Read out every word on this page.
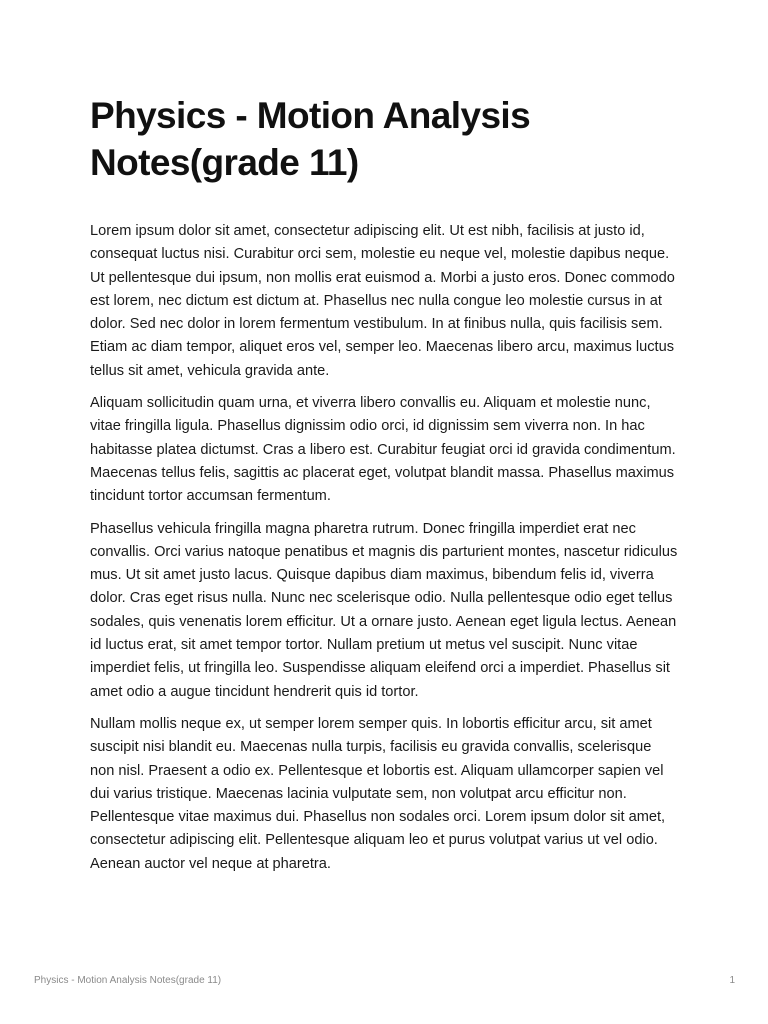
Physics - Motion Analysis Notes(grade 11)

Lorem ipsum dolor sit amet, consectetur adipiscing elit. Ut est nibh, facilisis at justo id, consequat luctus nisi. Curabitur orci sem, molestie eu neque vel, molestie dapibus neque. Ut pellentesque dui ipsum, non mollis erat euismod a. Morbi a justo eros. Donec commodo est lorem, nec dictum est dictum at. Phasellus nec nulla congue leo molestie cursus in at dolor. Sed nec dolor in lorem fermentum vestibulum. In at finibus nulla, quis facilisis sem. Etiam ac diam tempor, aliquet eros vel, semper leo. Maecenas libero arcu, maximus luctus tellus sit amet, vehicula gravida ante.

Aliquam sollicitudin quam urna, et viverra libero convallis eu. Aliquam et molestie nunc, vitae fringilla ligula. Phasellus dignissim odio orci, id dignissim sem viverra non. In hac habitasse platea dictumst. Cras a libero est. Curabitur feugiat orci id gravida condimentum. Maecenas tellus felis, sagittis ac placerat eget, volutpat blandit massa. Phasellus maximus tincidunt tortor accumsan fermentum.

Phasellus vehicula fringilla magna pharetra rutrum. Donec fringilla imperdiet erat nec convallis. Orci varius natoque penatibus et magnis dis parturient montes, nascetur ridiculus mus. Ut sit amet justo lacus. Quisque dapibus diam maximus, bibendum felis id, viverra dolor. Cras eget risus nulla. Nunc nec scelerisque odio. Nulla pellentesque odio eget tellus sodales, quis venenatis lorem efficitur. Ut a ornare justo. Aenean eget ligula lectus. Aenean id luctus erat, sit amet tempor tortor. Nullam pretium ut metus vel suscipit. Nunc vitae imperdiet felis, ut fringilla leo. Suspendisse aliquam eleifend orci a imperdiet. Phasellus sit amet odio a augue tincidunt hendrerit quis id tortor.

Nullam mollis neque ex, ut semper lorem semper quis. In lobortis efficitur arcu, sit amet suscipit nisi blandit eu. Maecenas nulla turpis, facilisis eu gravida convallis, scelerisque non nisl. Praesent a odio ex. Pellentesque et lobortis est. Aliquam ullamcorper sapien vel dui varius tristique. Maecenas lacinia vulputate sem, non volutpat arcu efficitur non. Pellentesque vitae maximus dui. Phasellus non sodales orci. Lorem ipsum dolor sit amet, consectetur adipiscing elit. Pellentesque aliquam leo et purus volutpat varius ut vel odio. Aenean auctor vel neque at pharetra.

Physics - Motion Analysis Notes(grade 11)	1
